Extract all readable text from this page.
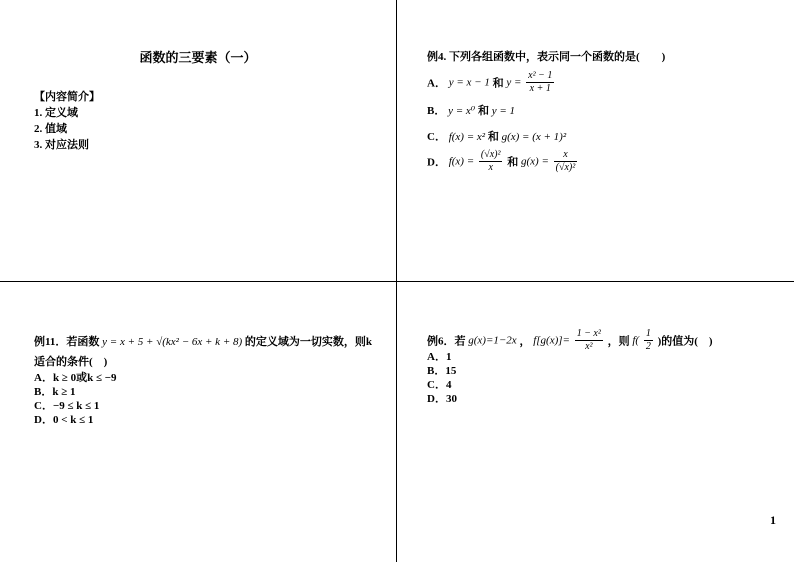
函数的三要素（一）
【内容简介】
1. 定义域
2. 值域
3. 对应法则
例4. 下列各组函数中，表示同一个函数的是(　　)
A． y = x − 1 和 $y = \frac{\text{x² − 1}}{x + 1}$
B． y = x⁰ 和 y = 1
C． f(x) = x² 和 g(x) = (x + 1)²
D． $f(x) = \frac{\text{(√x)²}}{x}$ 和 $g(x) = \frac{x}{\text{(√x)²}}$
例11．若函数 y = x + 5 + √(kx² − 6x + k + 8) 的定义域为一切实数，则k
适合的条件(　)
A．k ≥ 0或k ≤ −9
B．k ≥ 1
C．−9 ≤ k ≤ 1
D．0 < k ≤ 1
例6．若 g(x)=1−2x ， $f[g(x)]= \frac{\text{1 − x²}}{\text{x²}}$ ，则 $f( \frac{1}{2}$ )的值为(　)
A．1
B．15
C．4
D．30
1
